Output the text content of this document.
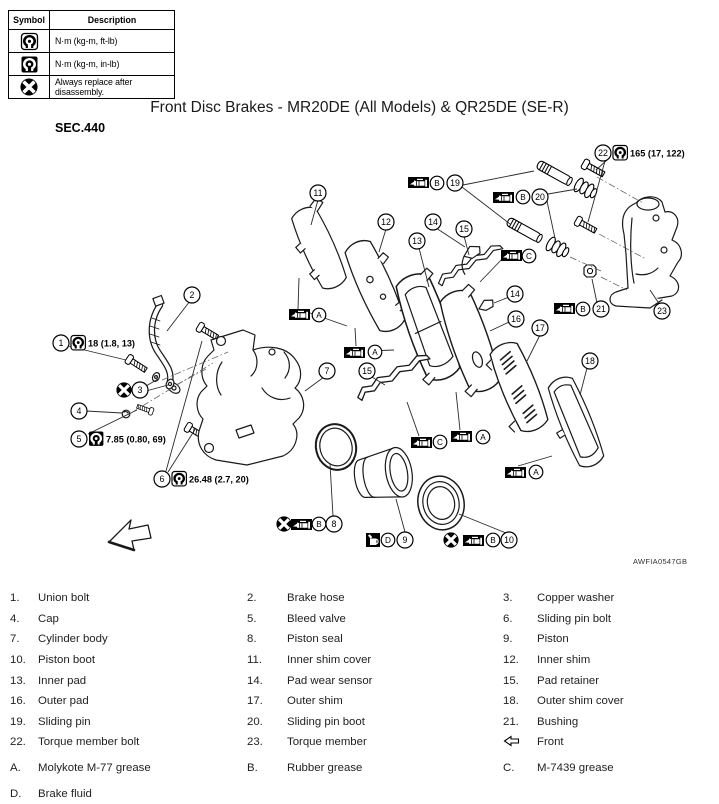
Symbol	Description
	N·m (kg-m, ft-lb)
	N·m (kg-m, in-lb)
	Always replace after disassembly.
Front Disc Brakes - MR20DE (All Models) & QR25DE (SE-R)
SEC.440
2
3
4
7
8
9	10
11
12
13
14
14
15
15
16
17
18
19
20
21	23
A
A
A
A
B
B
B
B
B
C
C
D
1	18 (1.8, 13)
5	7.85 (0.80, 69)
6	26.48 (2.7, 20)
22 165 (17, 122)
AWFIA0547GB
1.	Union bolt	2.	Brake hose	3.	Copper washer
4.	Cap	5.	Bleed valve	6.	Sliding pin bolt
7.	Cylinder body	8.	Piston seal	9.	Piston
10.	Piston boot	11.	Inner shim cover	12.	Inner shim
13.	Inner pad	14.	Pad wear sensor	15.	Pad retainer
16.	Outer pad	17.	Outer shim	18.	Outer shim cover
19.	Sliding pin	20.	Sliding pin boot	21.	Bushing
22.	Torque member bolt	23.	Torque member	Front
A.	Molykote M-77 grease	B.	Rubber grease	C.	M-7439 grease
D.	Brake fluid
